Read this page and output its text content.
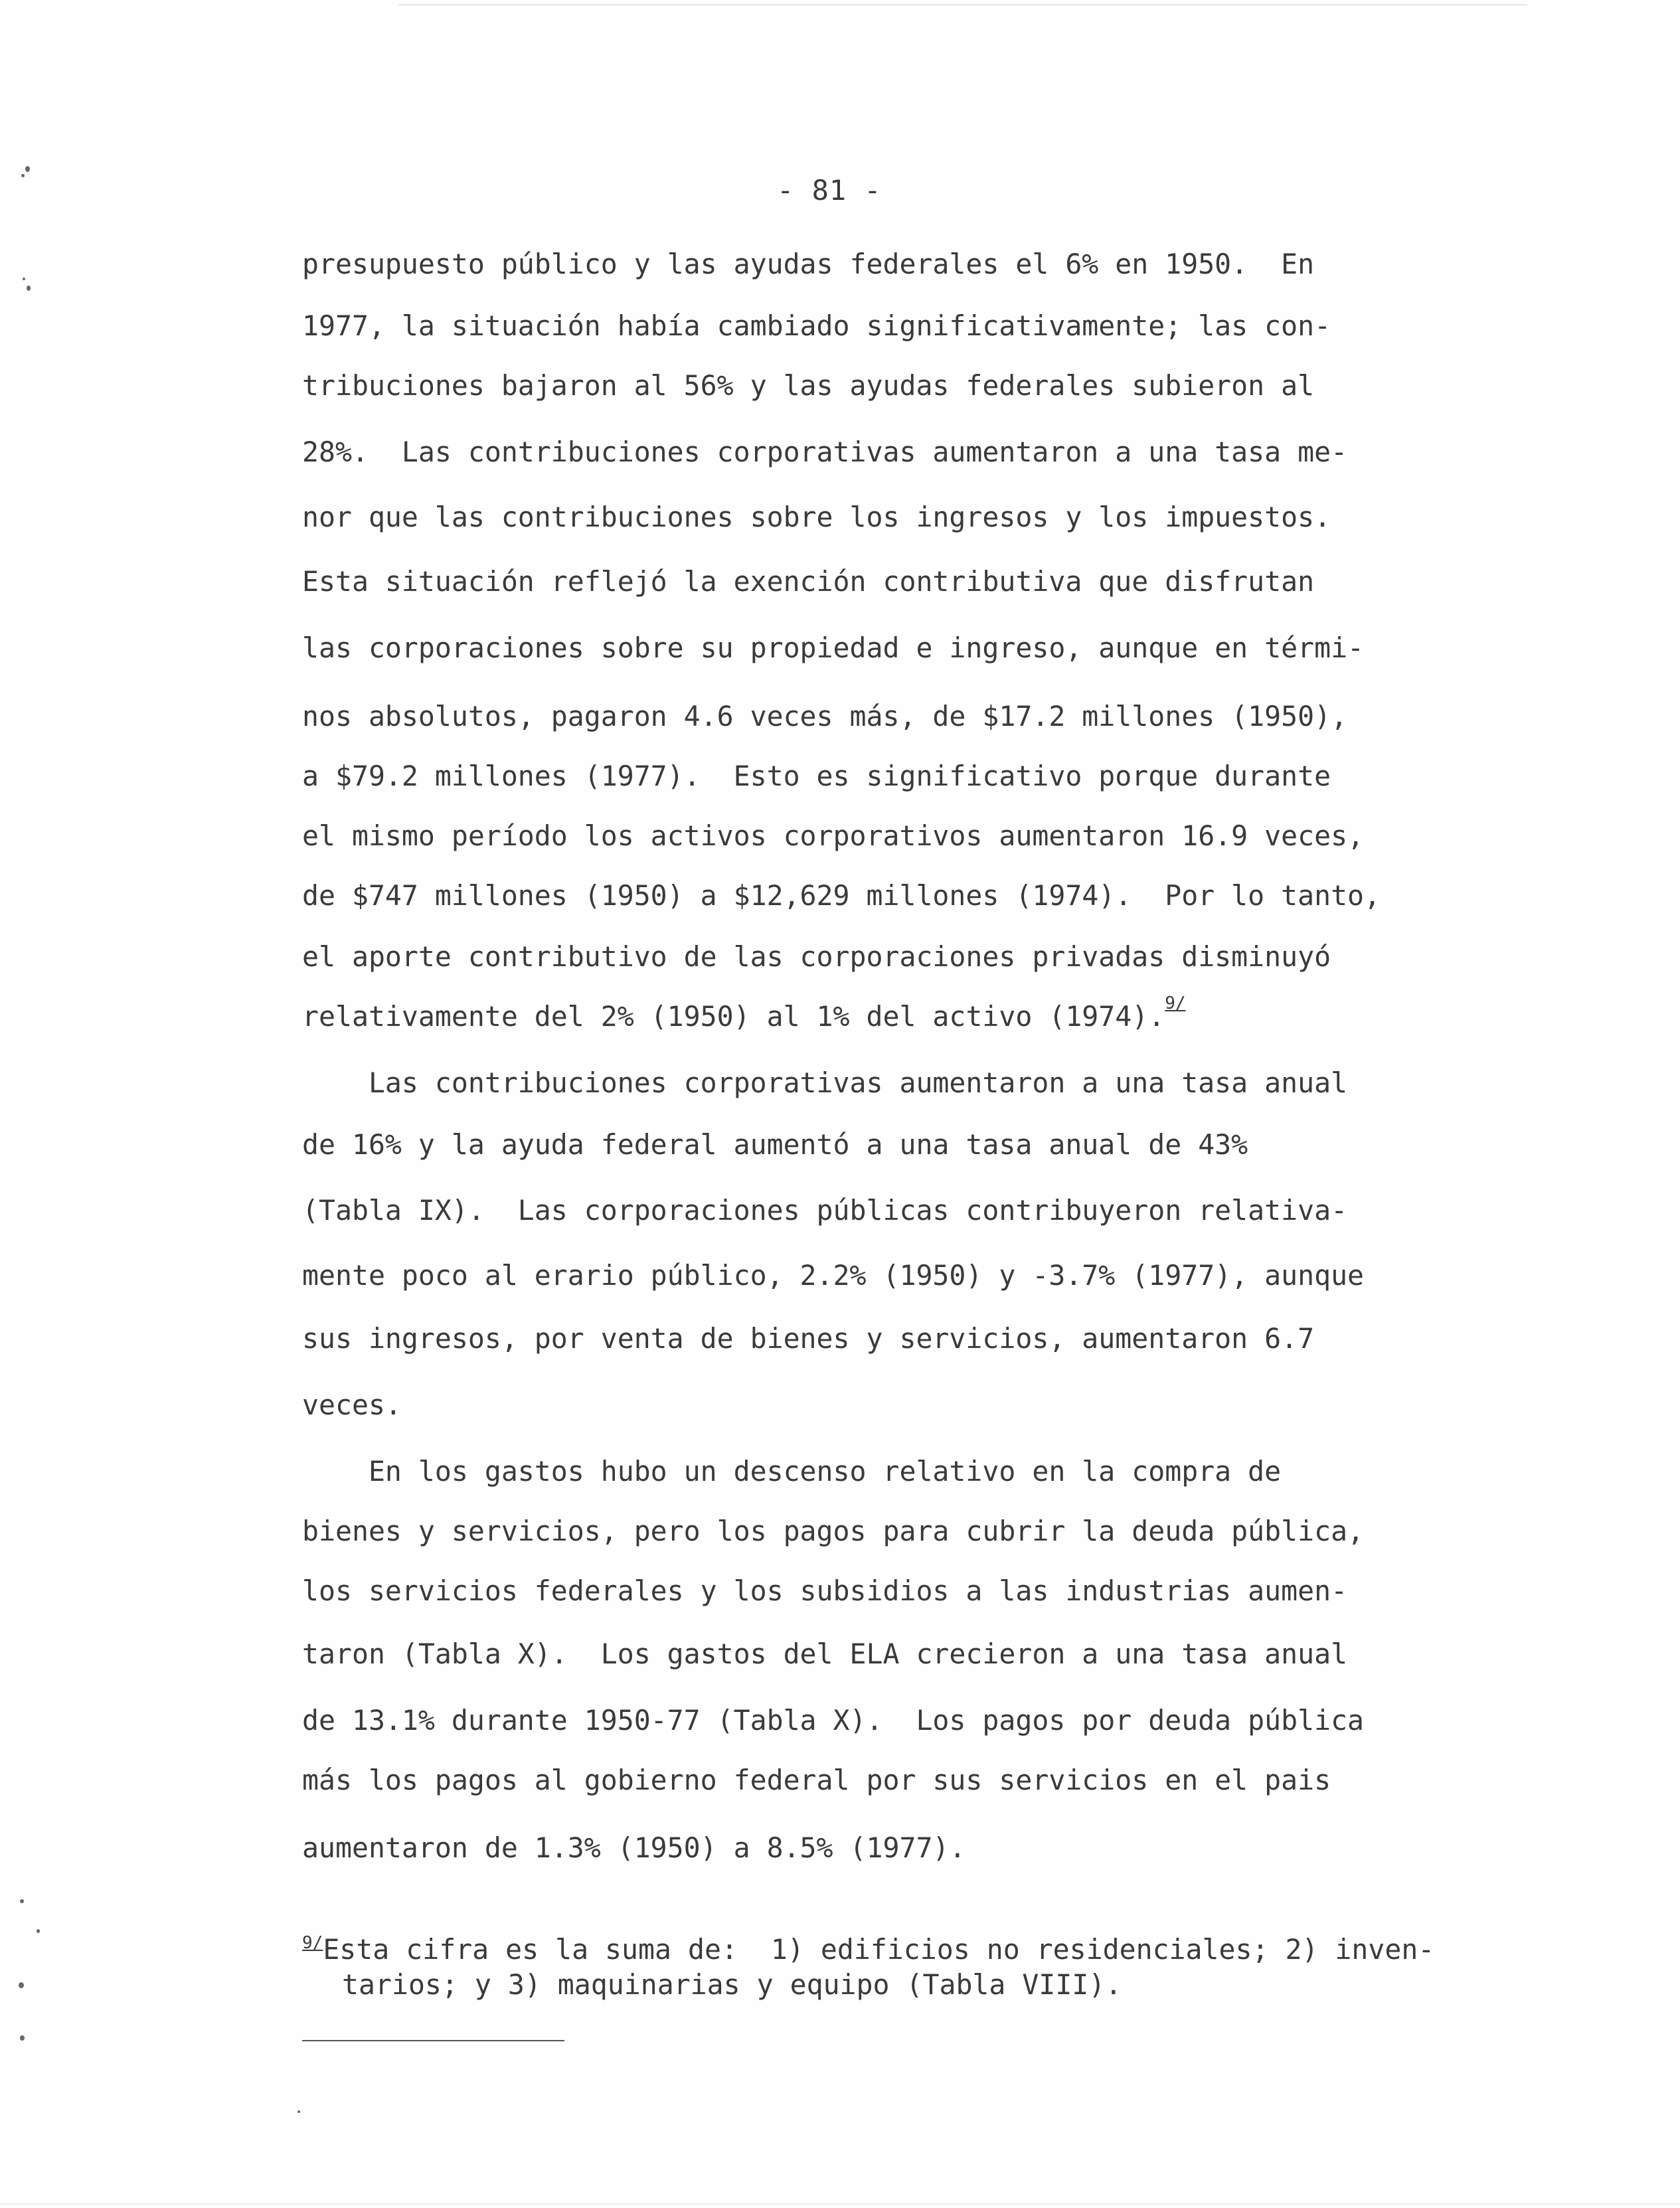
- 81 -
presupuesto público y las ayudas federales el 6% en 1950.  En
1977, la situación había cambiado significativamente; las con-
tribuciones bajaron al 56% y las ayudas federales subieron al
28%.  Las contribuciones corporativas aumentaron a una tasa me-
nor que las contribuciones sobre los ingresos y los impuestos.
Esta situación reflejó la exención contributiva que disfrutan
las corporaciones sobre su propiedad e ingreso, aunque en térmi-
nos absolutos, pagaron 4.6 veces más, de $17.2 millones (1950),
a $79.2 millones (1977).  Esto es significativo porque durante
el mismo período los activos corporativos aumentaron 16.9 veces,
de $747 millones (1950) a $12,629 millones (1974).  Por lo tanto,
el aporte contributivo de las corporaciones privadas disminuyó
relativamente del 2% (1950) al 1% del activo (1974).$^{9/}$
Las contribuciones corporativas aumentaron a una tasa anual
de 16% y la ayuda federal aumentó a una tasa anual de 43%
(Tabla IX).  Las corporaciones públicas contribuyeron relativa-
mente poco al erario público, 2.2% (1950) y -3.7% (1977), aunque
sus ingresos, por venta de bienes y servicios, aumentaron 6.7
veces.
En los gastos hubo un descenso relativo en la compra de
bienes y servicios, pero los pagos para cubrir la deuda pública,
los servicios federales y los subsidios a las industrias aumen-
taron (Tabla X).  Los gastos del ELA crecieron a una tasa anual
de 13.1% durante 1950-77 (Tabla X).  Los pagos por deuda pública
más los pagos al gobierno federal por sus servicios en el pais
aumentaron de 1.3% (1950) a 8.5% (1977).
$^{9/}$Esta cifra es la suma de:  1) edificios no residenciales; 2) inven-
tarios; y 3) maquinarias y equipo (Tabla VIII).
